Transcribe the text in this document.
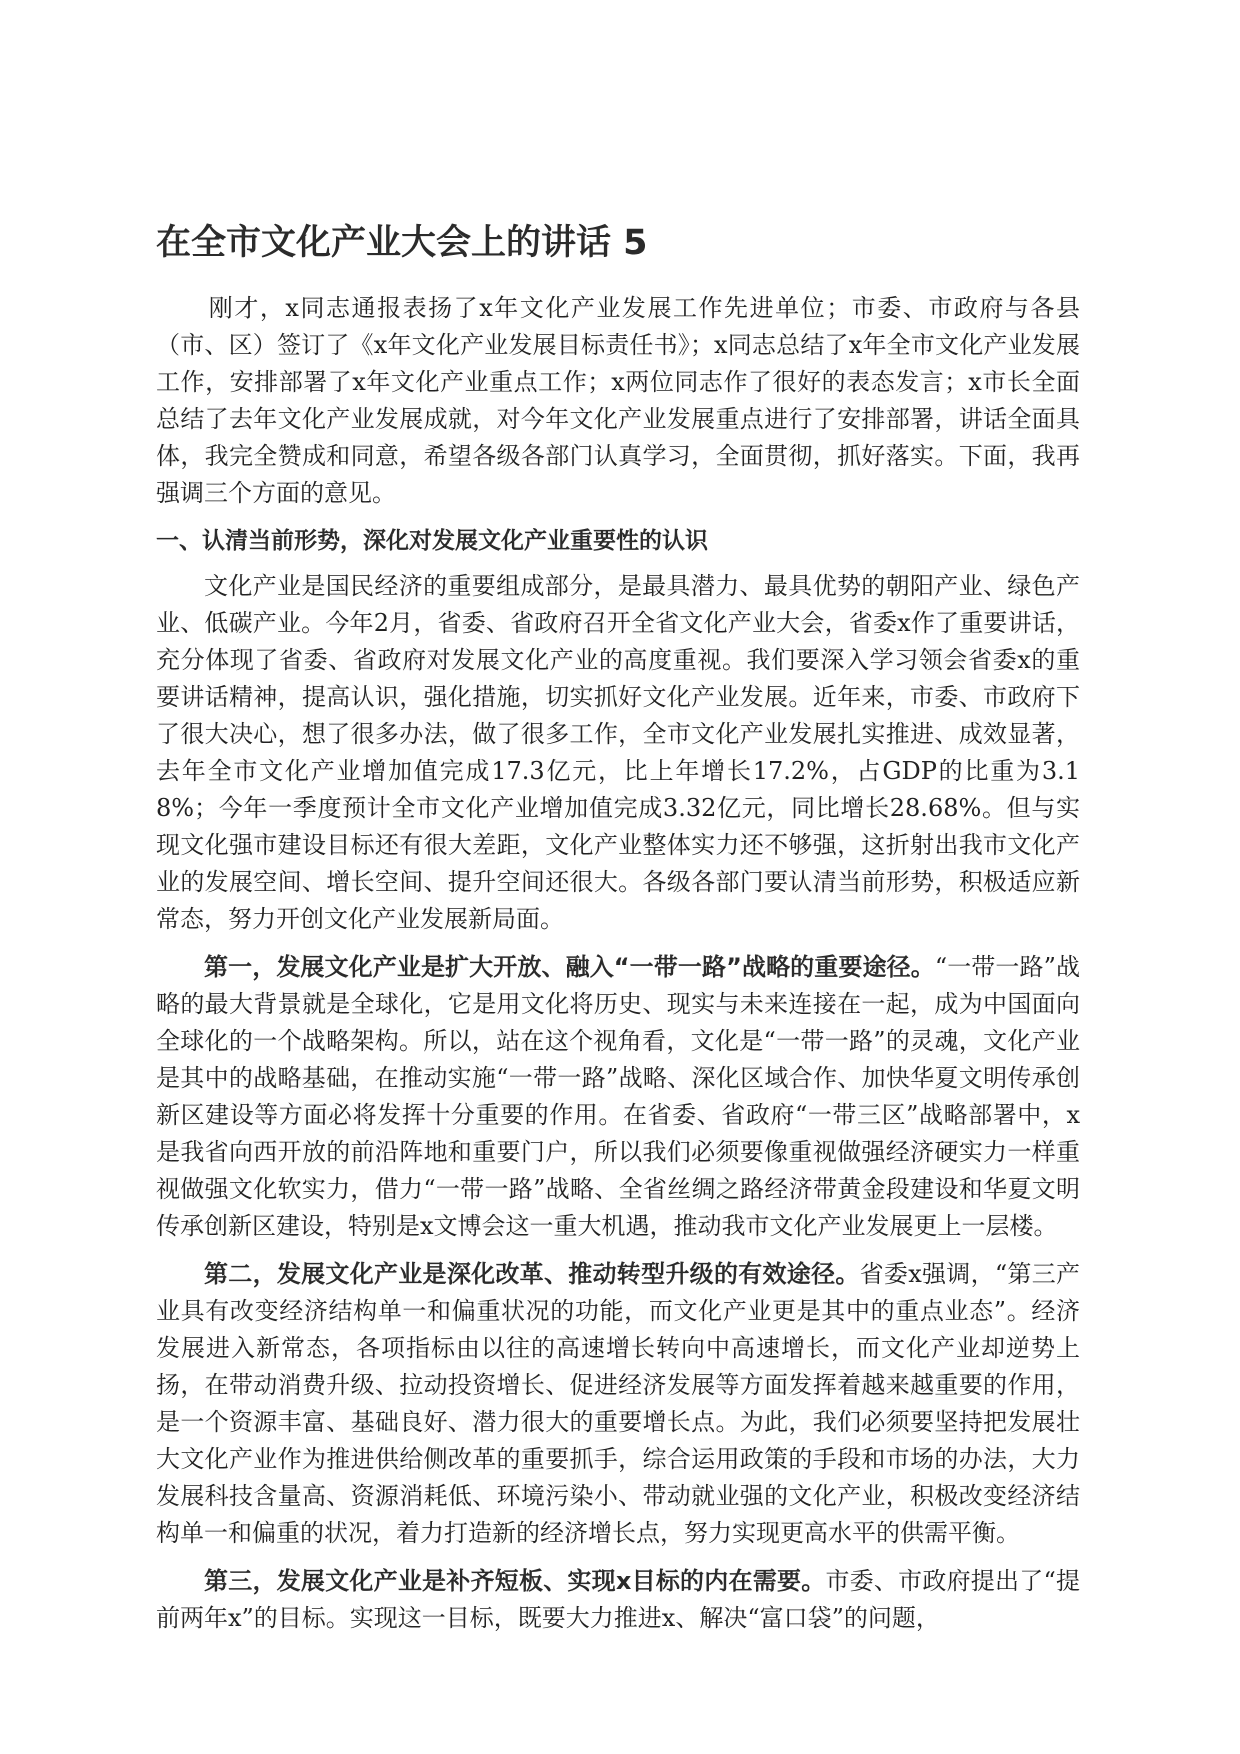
在全市文化产业大会上的讲话 5

刚才，x同志通报表扬了x年文化产业发展工作先进单位；市委、市政府与各县（市、区）签订了《x年文化产业发展目标责任书》；x同志总结了x年全市文化产业发展工作，安排部署了x年文化产业重点工作；x两位同志作了很好的表态发言；x市长全面总结了去年文化产业发展成就，对今年文化产业发展重点进行了安排部署，讲话全面具体，我完全赞成和同意，希望各级各部门认真学习，全面贯彻，抓好落实。下面，我再强调三个方面的意见。

一、认清当前形势，深化对发展文化产业重要性的认识

文化产业是国民经济的重要组成部分，是最具潜力、最具优势的朝阳产业、绿色产业、低碳产业。今年2月，省委、省政府召开全省文化产业大会，省委x作了重要讲话，充分体现了省委、省政府对发展文化产业的高度重视。我们要深入学习领会省委x的重要讲话精神，提高认识，强化措施，切实抓好文化产业发展。近年来，市委、市政府下了很大决心，想了很多办法，做了很多工作，全市文化产业发展扎实推进、成效显著，去年全市文化产业增加值完成17.3亿元，比上年增长17.2%，占GDP的比重为3.18%；今年一季度预计全市文化产业增加值完成3.32亿元，同比增长28.68%。但与实现文化强市建设目标还有很大差距，文化产业整体实力还不够强，这折射出我市文化产业的发展空间、增长空间、提升空间还很大。各级各部门要认清当前形势，积极适应新常态，努力开创文化产业发展新局面。

第一，发展文化产业是扩大开放、融入“一带一路”战略的重要途径。“一带一路”战略的最大背景就是全球化，它是用文化将历史、现实与未来连接在一起，成为中国面向全球化的一个战略架构。所以，站在这个视角看，文化是“一带一路”的灵魂，文化产业是其中的战略基础，在推动实施“一带一路”战略、深化区域合作、加快华夏文明传承创新区建设等方面必将发挥十分重要的作用。在省委、省政府“一带三区”战略部署中，x是我省向西开放的前沿阵地和重要门户，所以我们必须要像重视做强经济硬实力一样重视做强文化软实力，借力“一带一路”战略、全省丝绸之路经济带黄金段建设和华夏文明传承创新区建设，特别是x文博会这一重大机遇，推动我市文化产业发展更上一层楼。

第二，发展文化产业是深化改革、推动转型升级的有效途径。省委x强调，“第三产业具有改变经济结构单一和偏重状况的功能，而文化产业更是其中的重点业态”。经济发展进入新常态，各项指标由以往的高速增长转向中高速增长，而文化产业却逆势上扬，在带动消费升级、拉动投资增长、促进经济发展等方面发挥着越来越重要的作用，是一个资源丰富、基础良好、潜力很大的重要增长点。为此，我们必须要坚持把发展壮大文化产业作为推进供给侧改革的重要抓手，综合运用政策的手段和市场的办法，大力发展科技含量高、资源消耗低、环境污染小、带动就业强的文化产业，积极改变经济结构单一和偏重的状况，着力打造新的经济增长点，努力实现更高水平的供需平衡。

第三，发展文化产业是补齐短板、实现x目标的内在需要。市委、市政府提出了“提前两年x”的目标。实现这一目标，既要大力推进x、解决“富口袋”的问题，
